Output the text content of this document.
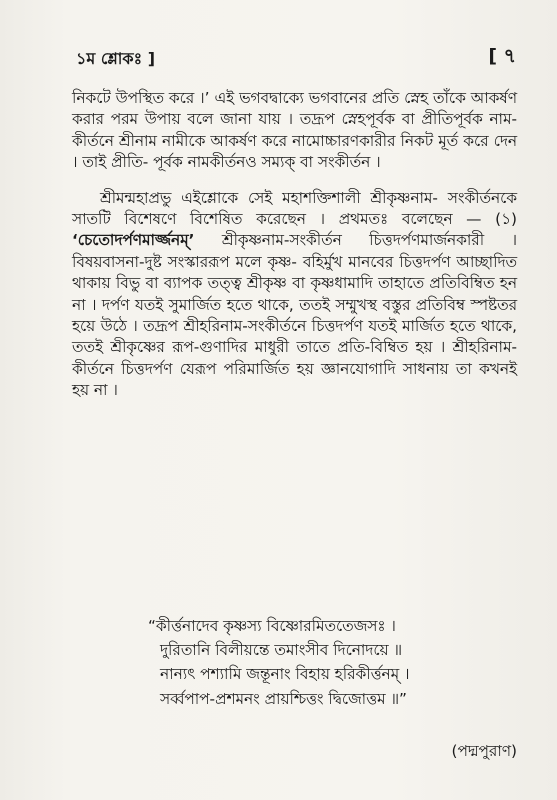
১ম শ্লোকঃ ]	[ ৭

নিকটে উপস্থিত করে ।’ এই ভগবদ্বাক্যে ভগবানের প্রতি স্নেহ তাঁকে আকর্ষণ করার পরম উপায় বলে জানা যায় । তদ্রূপ স্নেহপূর্বক বা প্রীতিপূর্বক নাম-কীর্তনে শ্রীনাম নামীকে আকর্ষণ করে নামোচ্চারণকারীর নিকট মূর্ত করে দেন । তাই প্রীতি- পূর্বক নামকীর্তনও সম্যক্ বা সংকীর্তন ।

শ্রীমন্মহাপ্রভু এইশ্লোকে সেই মহাশক্তিশালী শ্রীকৃষ্ণনাম- সংকীর্তনকে সাতটি বিশেষণে বিশেষিত করেছেন । প্রথমতঃ বলেছেন — (১) ‘চেতোদর্পণমার্জ্জনম্’ শ্রীকৃষ্ণনাম-সংকীর্তন চিত্তদর্পণমার্জনকারী । বিষয়বাসনা-দুষ্ট সংস্কাররূপ মলে কৃষ্ণ- বহির্মুখ মানবের চিত্তদর্পণ আচ্ছাদিত থাকায় বিভু বা ব্যাপক তত্ত্ব শ্রীকৃষ্ণ বা কৃষ্ণধামাদি তাহাতে প্রতিবিম্বিত হন না । দর্পণ যতই সুমার্জিত হতে থাকে, ততই সম্মুখস্থ বস্তুর প্রতিবিম্ব স্পষ্টতর হয়ে উঠে । তদ্রূপ শ্রীহরিনাম-সংকীর্তনে চিত্তদর্পণ যতই মার্জিত হতে থাকে, ততই শ্রীকৃষ্ণের রূপ-গুণাদির মাধুরী তাতে প্রতি-বিম্বিত হয় । শ্রীহরিনাম-কীর্তনে চিত্তদর্পণ যেরূপ পরিমার্জিত হয় জ্ঞানযোগাদি সাধনায় তা কখনই হয় না ।

“কীর্ত্তনাদেব কৃষ্ণস্য বিষ্ণোরমিততেজসঃ ।
দুরিতানি বিলীয়ন্তে তমাংসীব দিনোদয়ে ॥
নান্যৎ পশ্যামি জন্তূনাং বিহায় হরিকীর্ত্তনম্ ।
সর্ব্বপাপ-প্রশমনং প্রায়শ্চিত্তং দ্বিজোত্তম ॥”
(পদ্মপুরাণ)
